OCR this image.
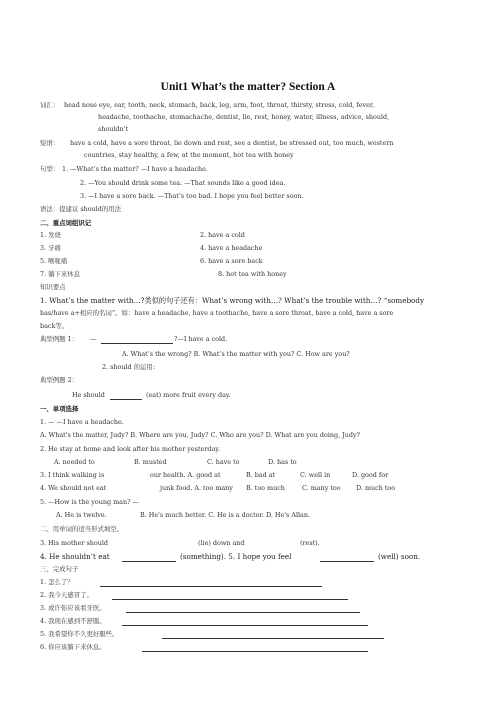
Unit1 What’s the matter? Section A
词汇： head nose eye, ear, tooth, neck, stomach, back, leg, arm, foot, throat, thirsty, stress, cold, fever,
headache, toothache, stomachache, dentist, lie, rest, honey, water, illness, advice, should,
shouldn’t
短语： have a cold, have a sore throat, lie down and rest, see a dentist, be stressed out, too much, western
countries, stay healthy, a few, at the moment, hot tea with honey
句型： 1. —What’s the matter? —I have a headache.
2. —You should drink some tea. —That sounds like a good idea.
3. —I have a sore back. —That’s too bad. I hope you feel better soon.
语法：提建议 should的用法
二、重点词组识记
1. 发烧	2. have a cold
3. 牙痛	4. have a headache
5. 喉咙痛	6. have a sore back
7. 躺下来休息	8. hot tea with honey
知识要点
1. What’s the matter with…?类似的句子还有：What’s wrong with…? What’s the trouble with…? “somebody
has/have a+相应的名词”。如：have a headache, have a toothache, have a sore throat, have a cold, have a sore
back等。
典型例题 1： —	?—I have a cold.
A. What’s the wrong? B. What’s the matter with you? C. How are you?
2. should 的运用:
典型例题 2：
He should	(eat) more fruit every day.
一、单项选择
1. — —I have a headache.
A. What's the matter, Judy? B. Where are you, Judy? C. Who are you? D. What are you doing, Judy?
2. He stay at home and look after his mother yesterday.
A. needed to	B. musted	C. have to	D. has to
3. I think walking is	our health. A. good at	B. bad at	C. well in	D. good for
4. We should not eat	junk food. A. too many B. too much	C. many too D. much too
5. —How is the young man? —
A. He is twelve.	B. He's much better. C. He is a doctor. D. He's Allan.
二、用单词的适当形式填空。
3. His mother should	(lie) down and	(rest).
4. He shouldn’t eat	(something). 5. I hope you feel	(well) soon.
三、完成句子
1. 怎么了？
2. 我今天感冒了。
3. 或许你应该看牙医。
4. 我现在感到不舒服。
5. 我希望你不久更好服些。
6. 你应该躺下来休息。
